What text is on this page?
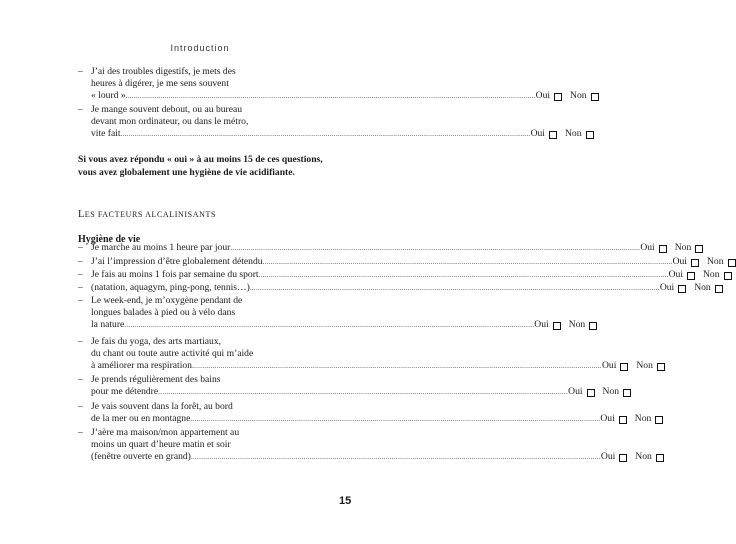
Introduction
– J’ai des troubles digestifs, je mets des
heures à digérer, je me sens souvent
« lourd » ........................................................................................................................................................................................................ Oui Non
– Je mange souvent debout, ou au bureau
devant mon ordinateur, ou dans le métro,
vite fait ........................................................................................................................................................................................................ Oui Non

Si vous avez répondu « oui » à au moins 15 de ces questions, vous avez globalement une hygiène de vie acidifiante.

LES FACTEURS ALCALINISANTS
Hygiène de vie
– Je marche au moins 1 heure par jour ........................................................................................................................................................................................................ Oui Non
– J’ai l’impression d’être globalement détendu ........................................................................................................................................................................................................ Oui Non
– Je fais au moins 1 fois par semaine du sport ........................................................................................................................................................................................................ Oui Non
– (natation, aquagym, ping-pong, tennis…) ........................................................................................................................................................................................................ Oui Non
– Le week-end, je m’oxygène pendant de
longues balades à pied ou à vélo dans
la nature ........................................................................................................................................................................................................ Oui Non
– Je fais du yoga, des arts martiaux,
du chant ou toute autre activité qui m’aide
à améliorer ma respiration ........................................................................................................................................................................................................ Oui Non
– Je prends régulièrement des bains
pour me détendre ........................................................................................................................................................................................................ Oui Non
– Je vais souvent dans la forêt, au bord
de la mer ou en montagne ........................................................................................................................................................................................................ Oui Non
– J’aère ma maison/mon appartement au
moins un quart d’heure matin et soir
(fenêtre ouverte en grand) ........................................................................................................................................................................................................ Oui Non
15
